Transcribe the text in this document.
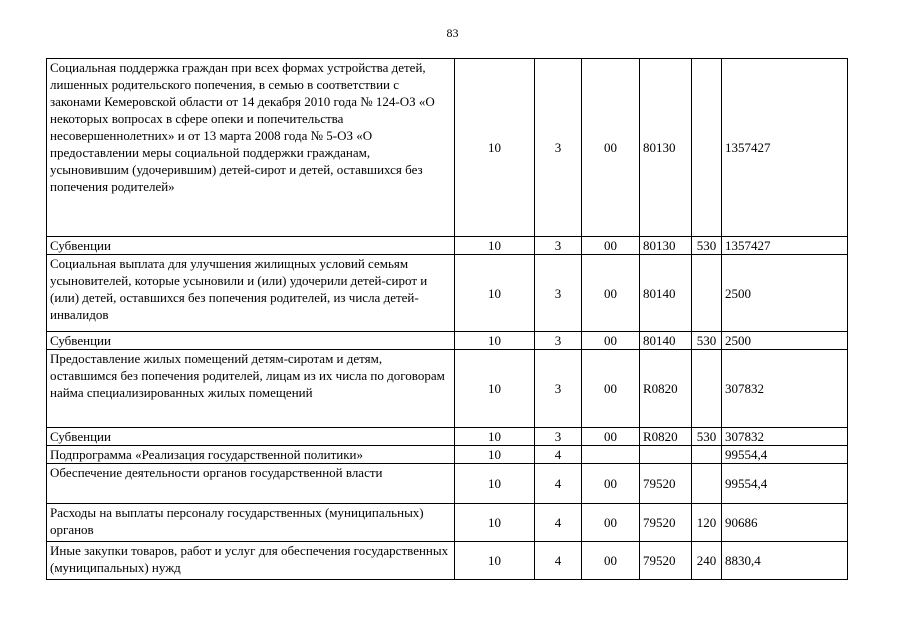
83
Социальная поддержка граждан при всех формах устройства детей, лишенных родительского попечения, в семью в соответствии с законами Кемеровской области от 14 декабря 2010 года № 124-ОЗ «О некоторых вопросах в сфере опеки и попечительства несовершеннолетних» и от 13 марта 2008 года № 5-ОЗ «О предоставлении меры социальной поддержки гражданам, усыновившим (удочерившим) детей-сирот и детей, оставшихся без попечения родителей»	10	3	00	80130		1357427
Субвенции	10	3	00	80130	530	1357427
Социальная выплата для улучшения жилищных условий семьям усыновителей, которые усыновили и (или) удочерили детей-сирот и (или) детей, оставшихся без попечения родителей, из числа детей-инвалидов	10	3	00	80140		2500
Субвенции	10	3	00	80140	530	2500
Предоставление жилых помещений детям-сиротам и детям, оставшимся без попечения родителей, лицам из их числа по договорам найма специализированных жилых помещений	10	3	00	R0820		307832
Субвенции	10	3	00	R0820	530	307832
Подпрограмма «Реализация государственной политики»	10	4				99554,4
Обеспечение деятельности органов государственной власти	10	4	00	79520		99554,4
Расходы на выплаты персоналу государственных (муниципальных) органов	10	4	00	79520	120	90686
Иные закупки товаров, работ и услуг для обеспечения государственных (муниципальных) нужд	10	4	00	79520	240	8830,4
